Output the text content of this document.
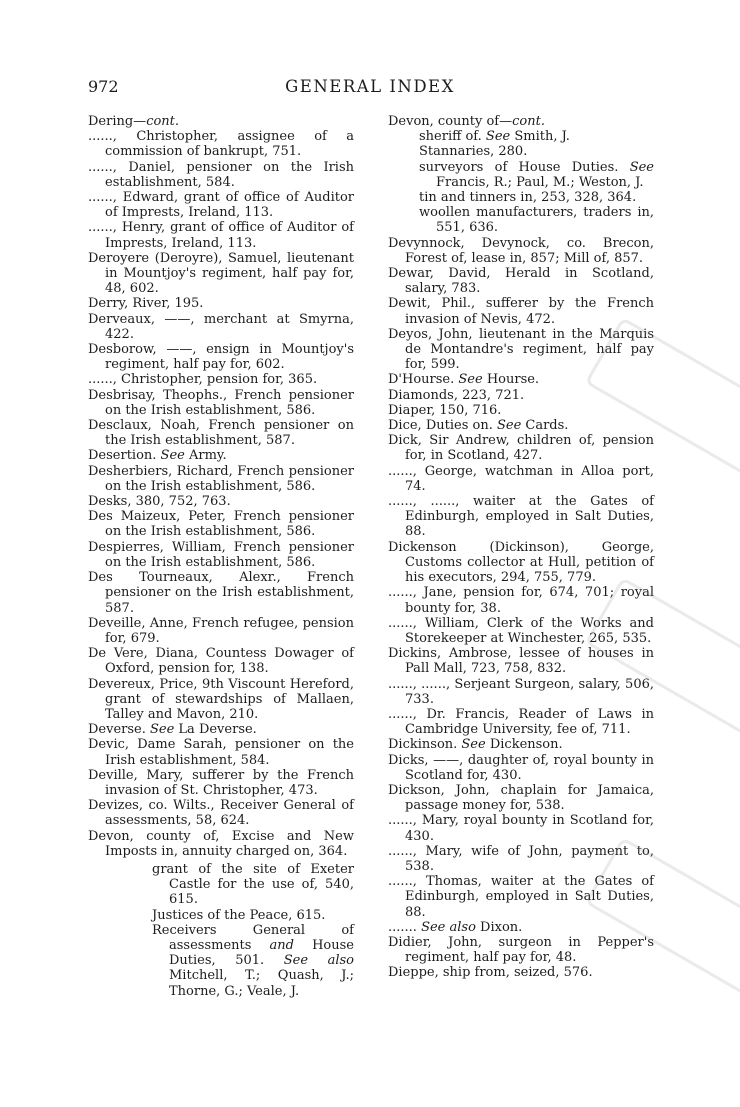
972	GENERAL INDEX

Dering—cont.

......, Christopher, assignee of a commission of bankrupt, 751.

......, Daniel, pensioner on the Irish establishment, 584.

......, Edward, grant of office of Auditor of Imprests, Ireland, 113.

......, Henry, grant of office of Auditor of Imprests, Ireland, 113.

Deroyere (Deroyre), Samuel, lieutenant in Mountjoy's regiment, half pay for, 48, 602.

Derry, River, 195.

Derveaux, ——, merchant at Smyrna, 422.

Desborow, ——, ensign in Mountjoy's regiment, half pay for, 602.

......, Christopher, pension for, 365.

Desbrisay, Theophs., French pensioner on the Irish establishment, 586.

Desclaux, Noah, French pensioner on the Irish establishment, 587.

Desertion. See Army.

Desherbiers, Richard, French pensioner on the Irish establishment, 586.

Desks, 380, 752, 763.

Des Maizeux, Peter, French pensioner on the Irish establishment, 586.

Despierres, William, French pensioner on the Irish establishment, 586.

Des Tourneaux, Alexr., French pensioner on the Irish establishment, 587.

Deveille, Anne, French refugee, pension for, 679.

De Vere, Diana, Countess Dowager of Oxford, pension for, 138.

Devereux, Price, 9th Viscount Hereford, grant of stewardships of Mallaen, Talley and Mavon, 210.

Deverse. See La Deverse.

Devic, Dame Sarah, pensioner on the Irish establishment, 584.

Deville, Mary, sufferer by the French invasion of St. Christopher, 473.

Devizes, co. Wilts., Receiver General of assessments, 58, 624.

Devon, county of, Excise and New Imposts in, annuity charged on, 364.

grant of the site of Exeter Castle for the use of, 540, 615.

Justices of the Peace, 615.

Receivers General of assessments and House Duties, 501. See also Mitchell, T.; Quash, J.; Thorne, G.; Veale, J.

Devon, county of—cont.

sheriff of. See Smith, J.

Stannaries, 280.

surveyors of House Duties. See Francis, R.; Paul, M.; Weston, J.

tin and tinners in, 253, 328, 364.

woollen manufacturers, traders in, 551, 636.

Devynnock, Devynock, co. Brecon, Forest of, lease in, 857; Mill of, 857.

Dewar, David, Herald in Scotland, salary, 783.

Dewit, Phil., sufferer by the French invasion of Nevis, 472.

Deyos, John, lieutenant in the Marquis de Montandre's regiment, half pay for, 599.

D'Hourse. See Hourse.

Diamonds, 223, 721.

Diaper, 150, 716.

Dice, Duties on. See Cards.

Dick, Sir Andrew, children of, pension for, in Scotland, 427.

......, George, watchman in Alloa port, 74.

......, ......, waiter at the Gates of Edinburgh, employed in Salt Duties, 88.

Dickenson (Dickinson), George, Customs collector at Hull, petition of his executors, 294, 755, 779.

......, Jane, pension for, 674, 701; royal bounty for, 38.

......, William, Clerk of the Works and Storekeeper at Winchester, 265, 535.

Dickins, Ambrose, lessee of houses in Pall Mall, 723, 758, 832.

......, ......, Serjeant Surgeon, salary, 506, 733.

......, Dr. Francis, Reader of Laws in Cambridge University, fee of, 711.

Dickinson. See Dickenson.

Dicks, ——, daughter of, royal bounty in Scotland for, 430.

Dickson, John, chaplain for Jamaica, passage money for, 538.

......, Mary, royal bounty in Scotland for, 430.

......, Mary, wife of John, payment to, 538.

......, Thomas, waiter at the Gates of Edinburgh, employed in Salt Duties, 88.

....... See also Dixon.

Didier, John, surgeon in Pepper's regiment, half pay for, 48.

Dieppe, ship from, seized, 576.
